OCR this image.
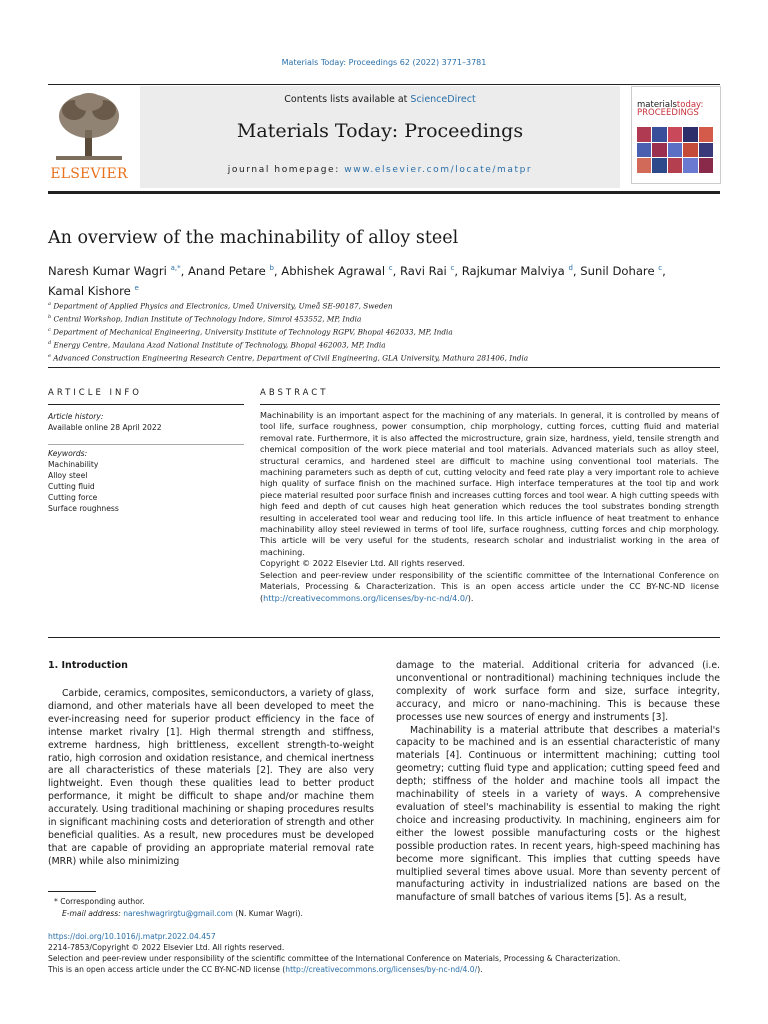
Materials Today: Proceedings 62 (2022) 3771–3781
ELSEVIER
Contents lists available at ScienceDirect
Materials Today: Proceedings
journal homepage: www.elsevier.com/locate/matpr
materialstoday:
PROCEEDINGS
An overview of the machinability of alloy steel
Naresh Kumar Wagri $^{a,*}$, Anand Petare $^b$, Abhishek Agrawal $^c$, Ravi Rai $^c$, Rajkumar Malviya $^d$, Sunil Dohare $^c$,
Kamal Kishore $^e$
$^a$ Department of Applied Physics and Electronics, Umeå University, Umeå SE-90187, Sweden
$^b$ Central Workshop, Indian Institute of Technology Indore, Simrol 453552, MP, India
$^c$ Department of Mechanical Engineering, University Institute of Technology RGPV, Bhopal 462033, MP, India
$^d$ Energy Centre, Maulana Azad National Institute of Technology, Bhopal 462003, MP, India
$^e$ Advanced Construction Engineering Research Centre, Department of Civil Engineering, GLA University, Mathura 281406, India
ARTICLE INFO
Article history:
Available online 28 April 2022
Keywords:
Machinability
Alloy steel
Cutting fluid
Cutting force
Surface roughness
ABSTRACT
Machinability is an important aspect for the machining of any materials. In general, it is controlled by means of tool life, surface roughness, power consumption, chip morphology, cutting forces, cutting fluid and material removal rate. Furthermore, it is also affected the microstructure, grain size, hardness, yield, tensile strength and chemical composition of the work piece material and tool materials. Advanced materials such as alloy steel, structural ceramics, and hardened steel are difficult to machine using conventional tool materials. The machining parameters such as depth of cut, cutting velocity and feed rate play a very important role to achieve high quality of surface finish on the machined surface. High interface temperatures at the tool tip and work piece material resulted poor surface finish and increases cutting forces and tool wear. A high cutting speeds with high feed and depth of cut causes high heat generation which reduces the tool substrates bonding strength resulting in accelerated tool wear and reducing tool life. In this article influence of heat treatment to enhance machinability alloy steel reviewed in terms of tool life, surface roughness, cutting forces and chip morphology. This article will be very useful for the students, research scholar and industrialist working in the area of machining.
Copyright © 2022 Elsevier Ltd. All rights reserved.
Selection and peer-review under responsibility of the scientific committee of the International Conference on Materials, Processing & Characterization. This is an open access article under the CC BY-NC-ND license (http://creativecommons.org/licenses/by-nc-nd/4.0/).
1. Introduction

Carbide, ceramics, composites, semiconductors, a variety of glass, diamond, and other materials have all been developed to meet the ever-increasing need for superior product efficiency in the face of intense market rivalry [1]. High thermal strength and stiffness, extreme hardness, high brittleness, excellent strength-to-weight ratio, high corrosion and oxidation resistance, and chemical inertness are all characteristics of these materials [2]. They are also very lightweight. Even though these qualities lead to better product performance, it might be difficult to shape and/or machine them accurately. Using traditional machining or shaping procedures results in significant machining costs and deterioration of strength and other beneficial qualities. As a result, new procedures must be developed that are capable of providing an appropriate material removal rate (MRR) while also minimizing

damage to the material. Additional criteria for advanced (i.e. unconventional or nontraditional) machining techniques include the complexity of work surface form and size, surface integrity, accuracy, and micro or nano-machining. This is because these processes use new sources of energy and instruments [3].

Machinability is a material attribute that describes a material's capacity to be machined and is an essential characteristic of many materials [4]. Continuous or intermittent machining; cutting tool geometry; cutting fluid type and application; cutting speed feed and depth; stiffness of the holder and machine tools all impact the machinability of steels in a variety of ways. A comprehensive evaluation of steel's machinability is essential to making the right choice and increasing productivity. In machining, engineers aim for either the lowest possible manufacturing costs or the highest possible production rates. In recent years, high-speed machining has become more significant. This implies that cutting speeds have multiplied several times above usual. More than seventy percent of manufacturing activity in industrialized nations are based on the manufacture of small batches of various items [5]. As a result,

* Corresponding author.
E-mail address: nareshwagrirgtu@gmail.com (N. Kumar Wagri).
https://doi.org/10.1016/j.matpr.2022.04.457
2214-7853/Copyright © 2022 Elsevier Ltd. All rights reserved.
Selection and peer-review under responsibility of the scientific committee of the International Conference on Materials, Processing & Characterization.
This is an open access article under the CC BY-NC-ND license (http://creativecommons.org/licenses/by-nc-nd/4.0/).
